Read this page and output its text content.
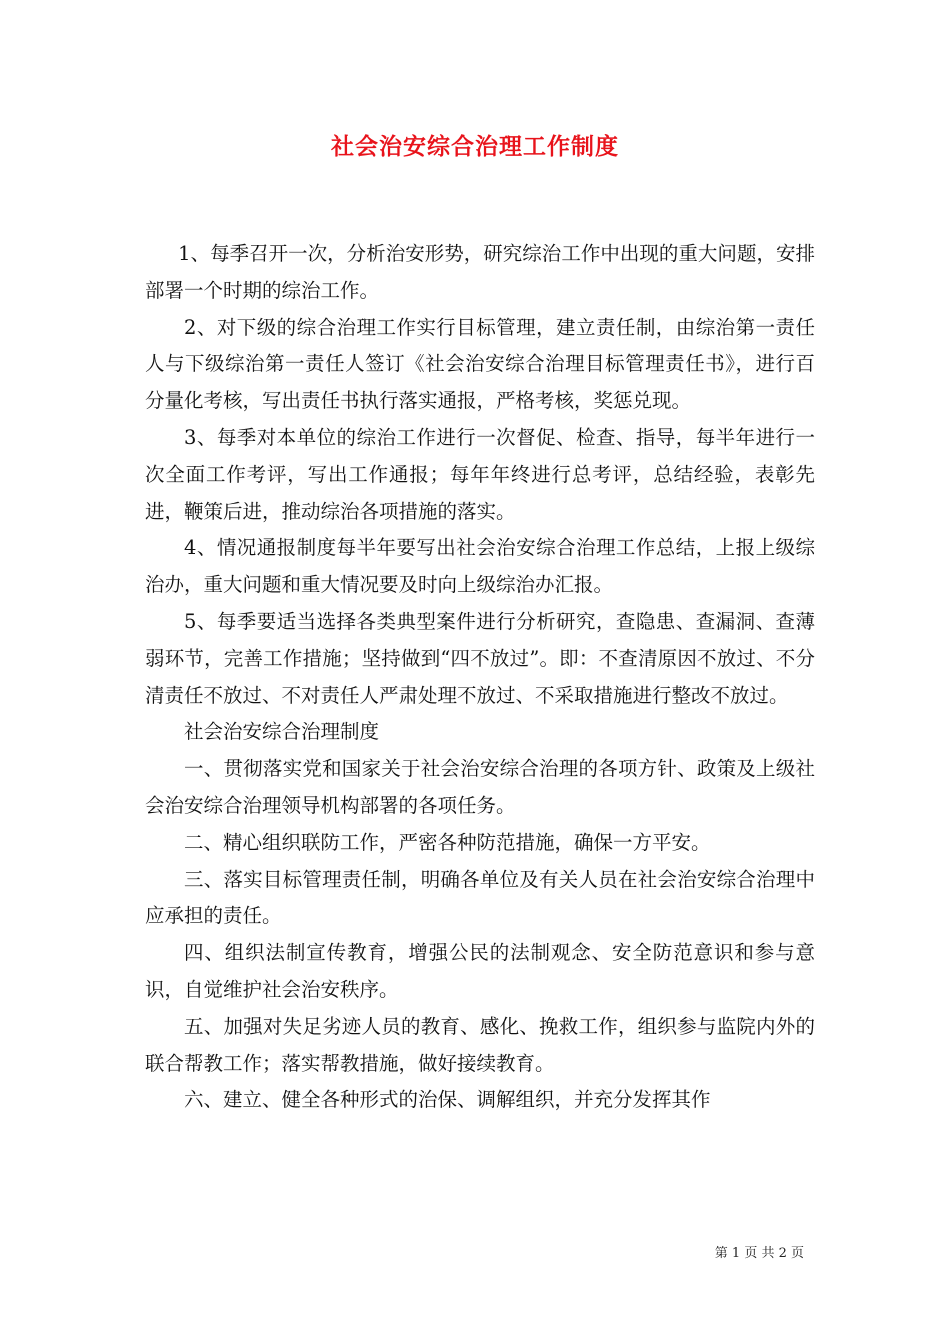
社会治安综合治理工作制度

1、每季召开一次，分析治安形势，研究综治工作中出现的重大问题，安排部署一个时期的综治工作。

2、对下级的综合治理工作实行目标管理，建立责任制，由综治第一责任人与下级综治第一责任人签订《社会治安综合治理目标管理责任书》，进行百分量化考核，写出责任书执行落实通报，严格考核，奖惩兑现。

3、每季对本单位的综治工作进行一次督促、检查、指导，每半年进行一次全面工作考评，写出工作通报；每年年终进行总考评，总结经验，表彰先进，鞭策后进，推动综治各项措施的落实。

4、情况通报制度每半年要写出社会治安综合治理工作总结，上报上级综治办，重大问题和重大情况要及时向上级综治办汇报。

5、每季要适当选择各类典型案件进行分析研究，查隐患、查漏洞、查薄弱环节，完善工作措施；坚持做到“四不放过”。即：不查清原因不放过、不分清责任不放过、不对责任人严肃处理不放过、不采取措施进行整改不放过。

社会治安综合治理制度

一、贯彻落实党和国家关于社会治安综合治理的各项方针、政策及上级社会治安综合治理领导机构部署的各项任务。

二、精心组织联防工作，严密各种防范措施，确保一方平安。

三、落实目标管理责任制，明确各单位及有关人员在社会治安综合治理中应承担的责任。

四、组织法制宣传教育，增强公民的法制观念、安全防范意识和参与意识，自觉维护社会治安秩序。

五、加强对失足劣迹人员的教育、感化、挽救工作，组织参与监院内外的联合帮教工作；落实帮教措施，做好接续教育。

六、建立、健全各种形式的治保、调解组织，并充分发挥其作

第 1 页 共 2 页
